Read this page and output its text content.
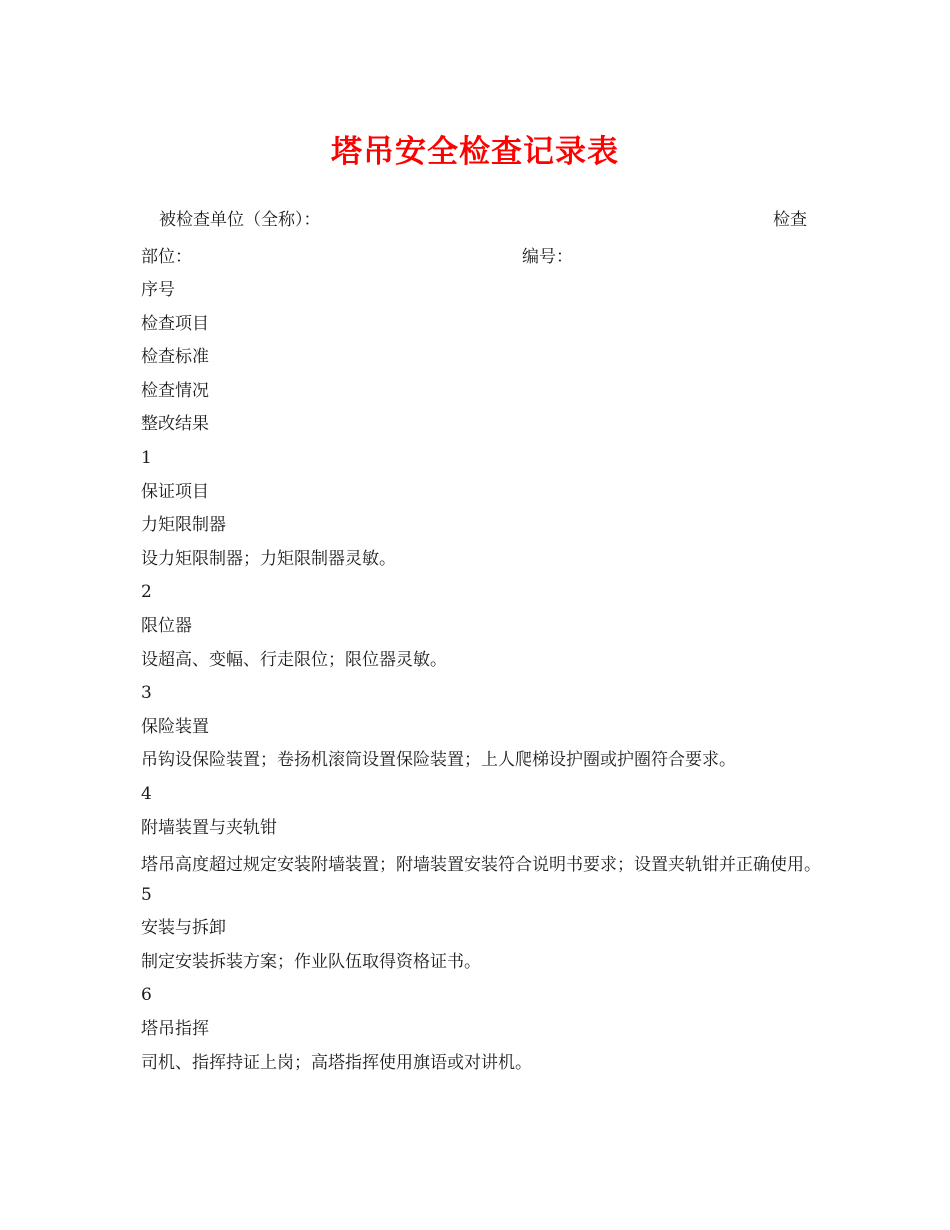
塔吊安全检查记录表
被检查单位（全称）：	检查
部位：	编号：
序号
检查项目
检查标准
检查情况
整改结果
1
保证项目
力矩限制器
设力矩限制器；力矩限制器灵敏。
2
限位器
设超高、变幅、行走限位；限位器灵敏。
3
保险装置
吊钩设保险装置；卷扬机滚筒设置保险装置；上人爬梯设护圈或护圈符合要求。
4
附墙装置与夹轨钳
塔吊高度超过规定安装附墙装置；附墙装置安装符合说明书要求；设置夹轨钳并正确使用。
5
安装与拆卸
制定安装拆装方案；作业队伍取得资格证书。
6
塔吊指挥
司机、指挥持证上岗；高塔指挥使用旗语或对讲机。
